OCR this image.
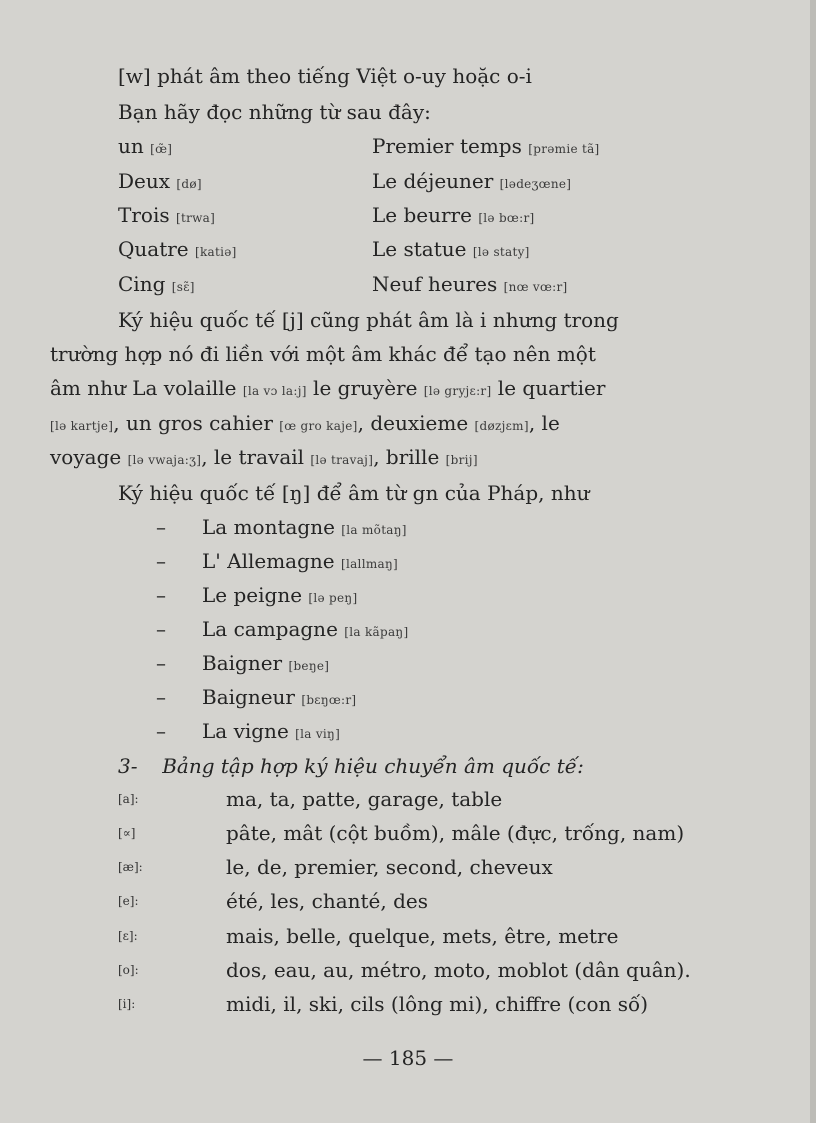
[w] phát âm theo tiếng Việt o-uy hoặc o-i
Bạn hãy đọc những từ sau đây:
un [œ̃]	Premier temps [prəmie tã]
Deux [dø]	Le déjeuner [lədeʒœne]
Trois [trwa]	Le beurre [lə bœ:r]
Quatre [katiə]	Le statue [lə staty]
Cing [sɛ̃]	Neuf heures [nœ vœ:r]
Ký hiệu quốc tế [j] cũng phát âm là i nhưng trong
trường hợp nó đi liền với một âm khác để tạo nên một
âm như La volaille [la vɔ la:j] le gruyère [lə gryjɛ:r] le quartier
[lə kartje], un gros cahier [œ gro kaje], deuxieme [døzjɛm], le
voyage [lə vwaja:ʒ], le travail [lə travaj], brille [brij]
Ký hiệu quốc tế [ŋ] để âm từ gn của Pháp, như
– La montagne [la mõtaŋ]
– L' Allemagne [lallmaŋ]
– Le peigne [lə peŋ]
– La campagne [la kãpaŋ]
– Baigner [beŋe]
– Baigneur [bɛŋœ:r]
– La vigne [la viŋ]
3- Bảng tập hợp ký hiệu chuyển âm quốc tế:
[a]:	ma, ta, patte, garage, table
[∝]	pâte, mât (cột buồm), mâle (đực, trống, nam)
[æ]:	le, de, premier, second, cheveux
[e]:	été, les, chanté, des
[ɛ]:	mais, belle, quelque, mets, être, metre
[o]:	dos, eau, au, métro, moto, moblot (dân quân).
[i]:	midi, il, ski, cils (lông mi), chiffre (con số)
— 185 —
